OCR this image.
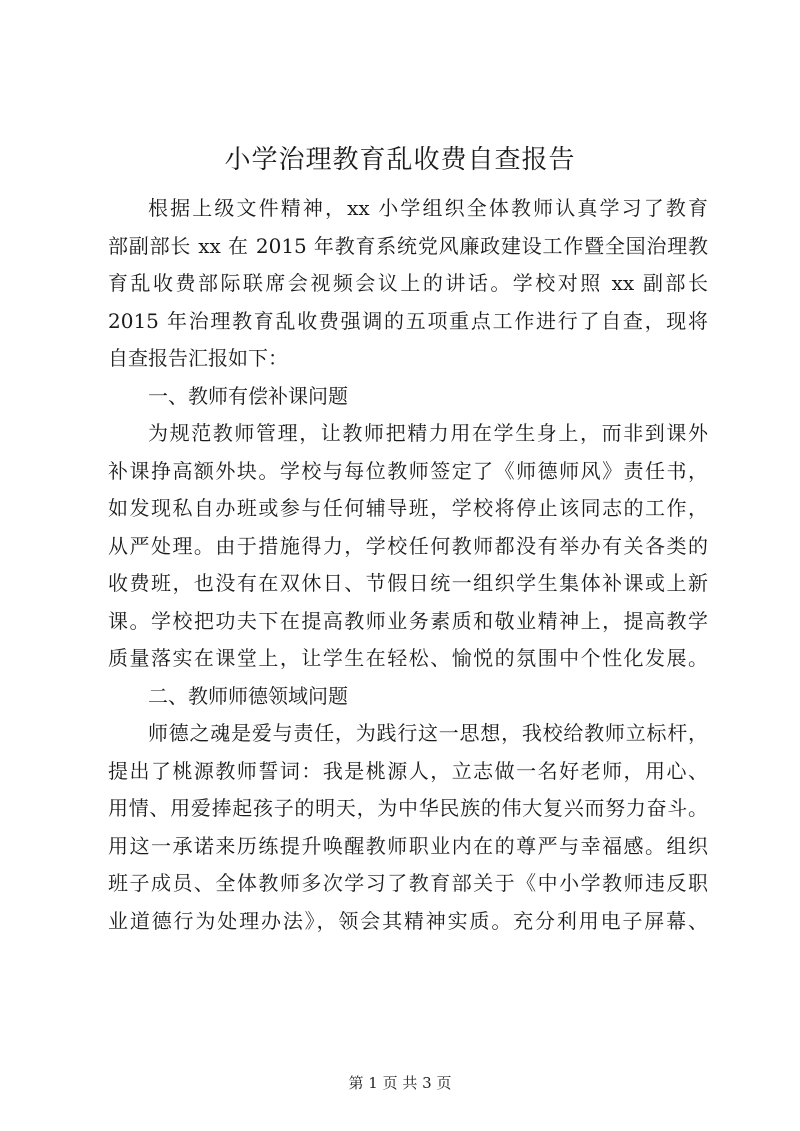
小学治理教育乱收费自查报告
根据上级文件精神，xx 小学组织全体教师认真学习了教育
部副部长 xx 在 2015 年教育系统党风廉政建设工作暨全国治理教
育乱收费部际联席会视频会议上的讲话。学校对照 xx 副部长
2015 年治理教育乱收费强调的五项重点工作进行了自查，现将
自查报告汇报如下：
一、教师有偿补课问题
为规范教师管理，让教师把精力用在学生身上，而非到课外
补课挣高额外块。学校与每位教师签定了《师德师风》责任书，
如发现私自办班或参与任何辅导班，学校将停止该同志的工作，
从严处理。由于措施得力，学校任何教师都没有举办有关各类的
收费班，也没有在双休日、节假日统一组织学生集体补课或上新
课。学校把功夫下在提高教师业务素质和敬业精神上，提高教学
质量落实在课堂上，让学生在轻松、愉悦的氛围中个性化发展。
二、教师师德领域问题
师德之魂是爱与责任，为践行这一思想，我校给教师立标杆，
提出了桃源教师誓词：我是桃源人，立志做一名好老师，用心、
用情、用爱捧起孩子的明天，为中华民族的伟大复兴而努力奋斗。
用这一承诺来历练提升唤醒教师职业内在的尊严与幸福感。组织
班子成员、全体教师多次学习了教育部关于《中小学教师违反职
业道德行为处理办法》，领会其精神实质。充分利用电子屏幕、
第 1 页 共 3 页
